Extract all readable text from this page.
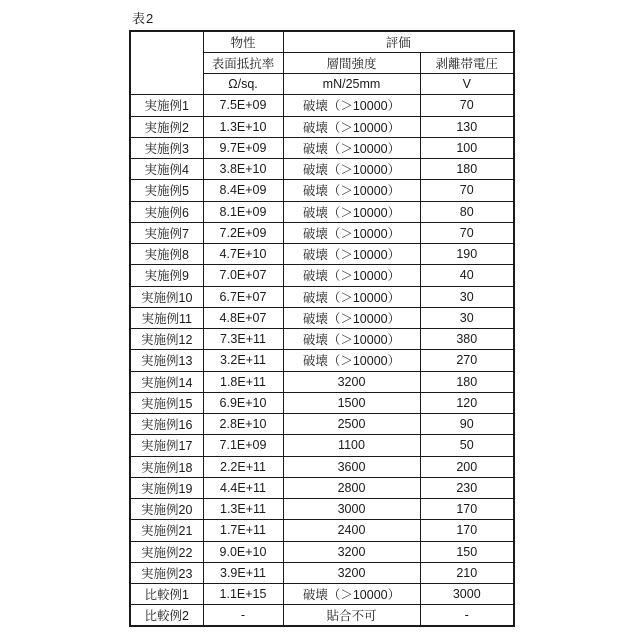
表2
	物性	評価	
	表面抵抗率	層間強度	剥離帯電圧
	Ω/sq.	mN/25mm	V
実施例1	7.5E+09	破壊（＞10000）	70
実施例2	1.3E+10	破壊（＞10000）	130
実施例3	9.7E+09	破壊（＞10000）	100
実施例4	3.8E+10	破壊（＞10000）	180
実施例5	8.4E+09	破壊（＞10000）	70
実施例6	8.1E+09	破壊（＞10000）	80
実施例7	7.2E+09	破壊（＞10000）	70
実施例8	4.7E+10	破壊（＞10000）	190
実施例9	7.0E+07	破壊（＞10000）	40
実施例10	6.7E+07	破壊（＞10000）	30
実施例11	4.8E+07	破壊（＞10000）	30
実施例12	7.3E+11	破壊（＞10000）	380
実施例13	3.2E+11	破壊（＞10000）	270
実施例14	1.8E+11	3200	180
実施例15	6.9E+10	1500	120
実施例16	2.8E+10	2500	90
実施例17	7.1E+09	1100	50
実施例18	2.2E+11	3600	200
実施例19	4.4E+11	2800	230
実施例20	1.3E+11	3000	170
実施例21	1.7E+11	2400	170
実施例22	9.0E+10	3200	150
実施例23	3.9E+11	3200	210
比較例1	1.1E+15	破壊（＞10000）	3000
比較例2	-	貼合不可	-
